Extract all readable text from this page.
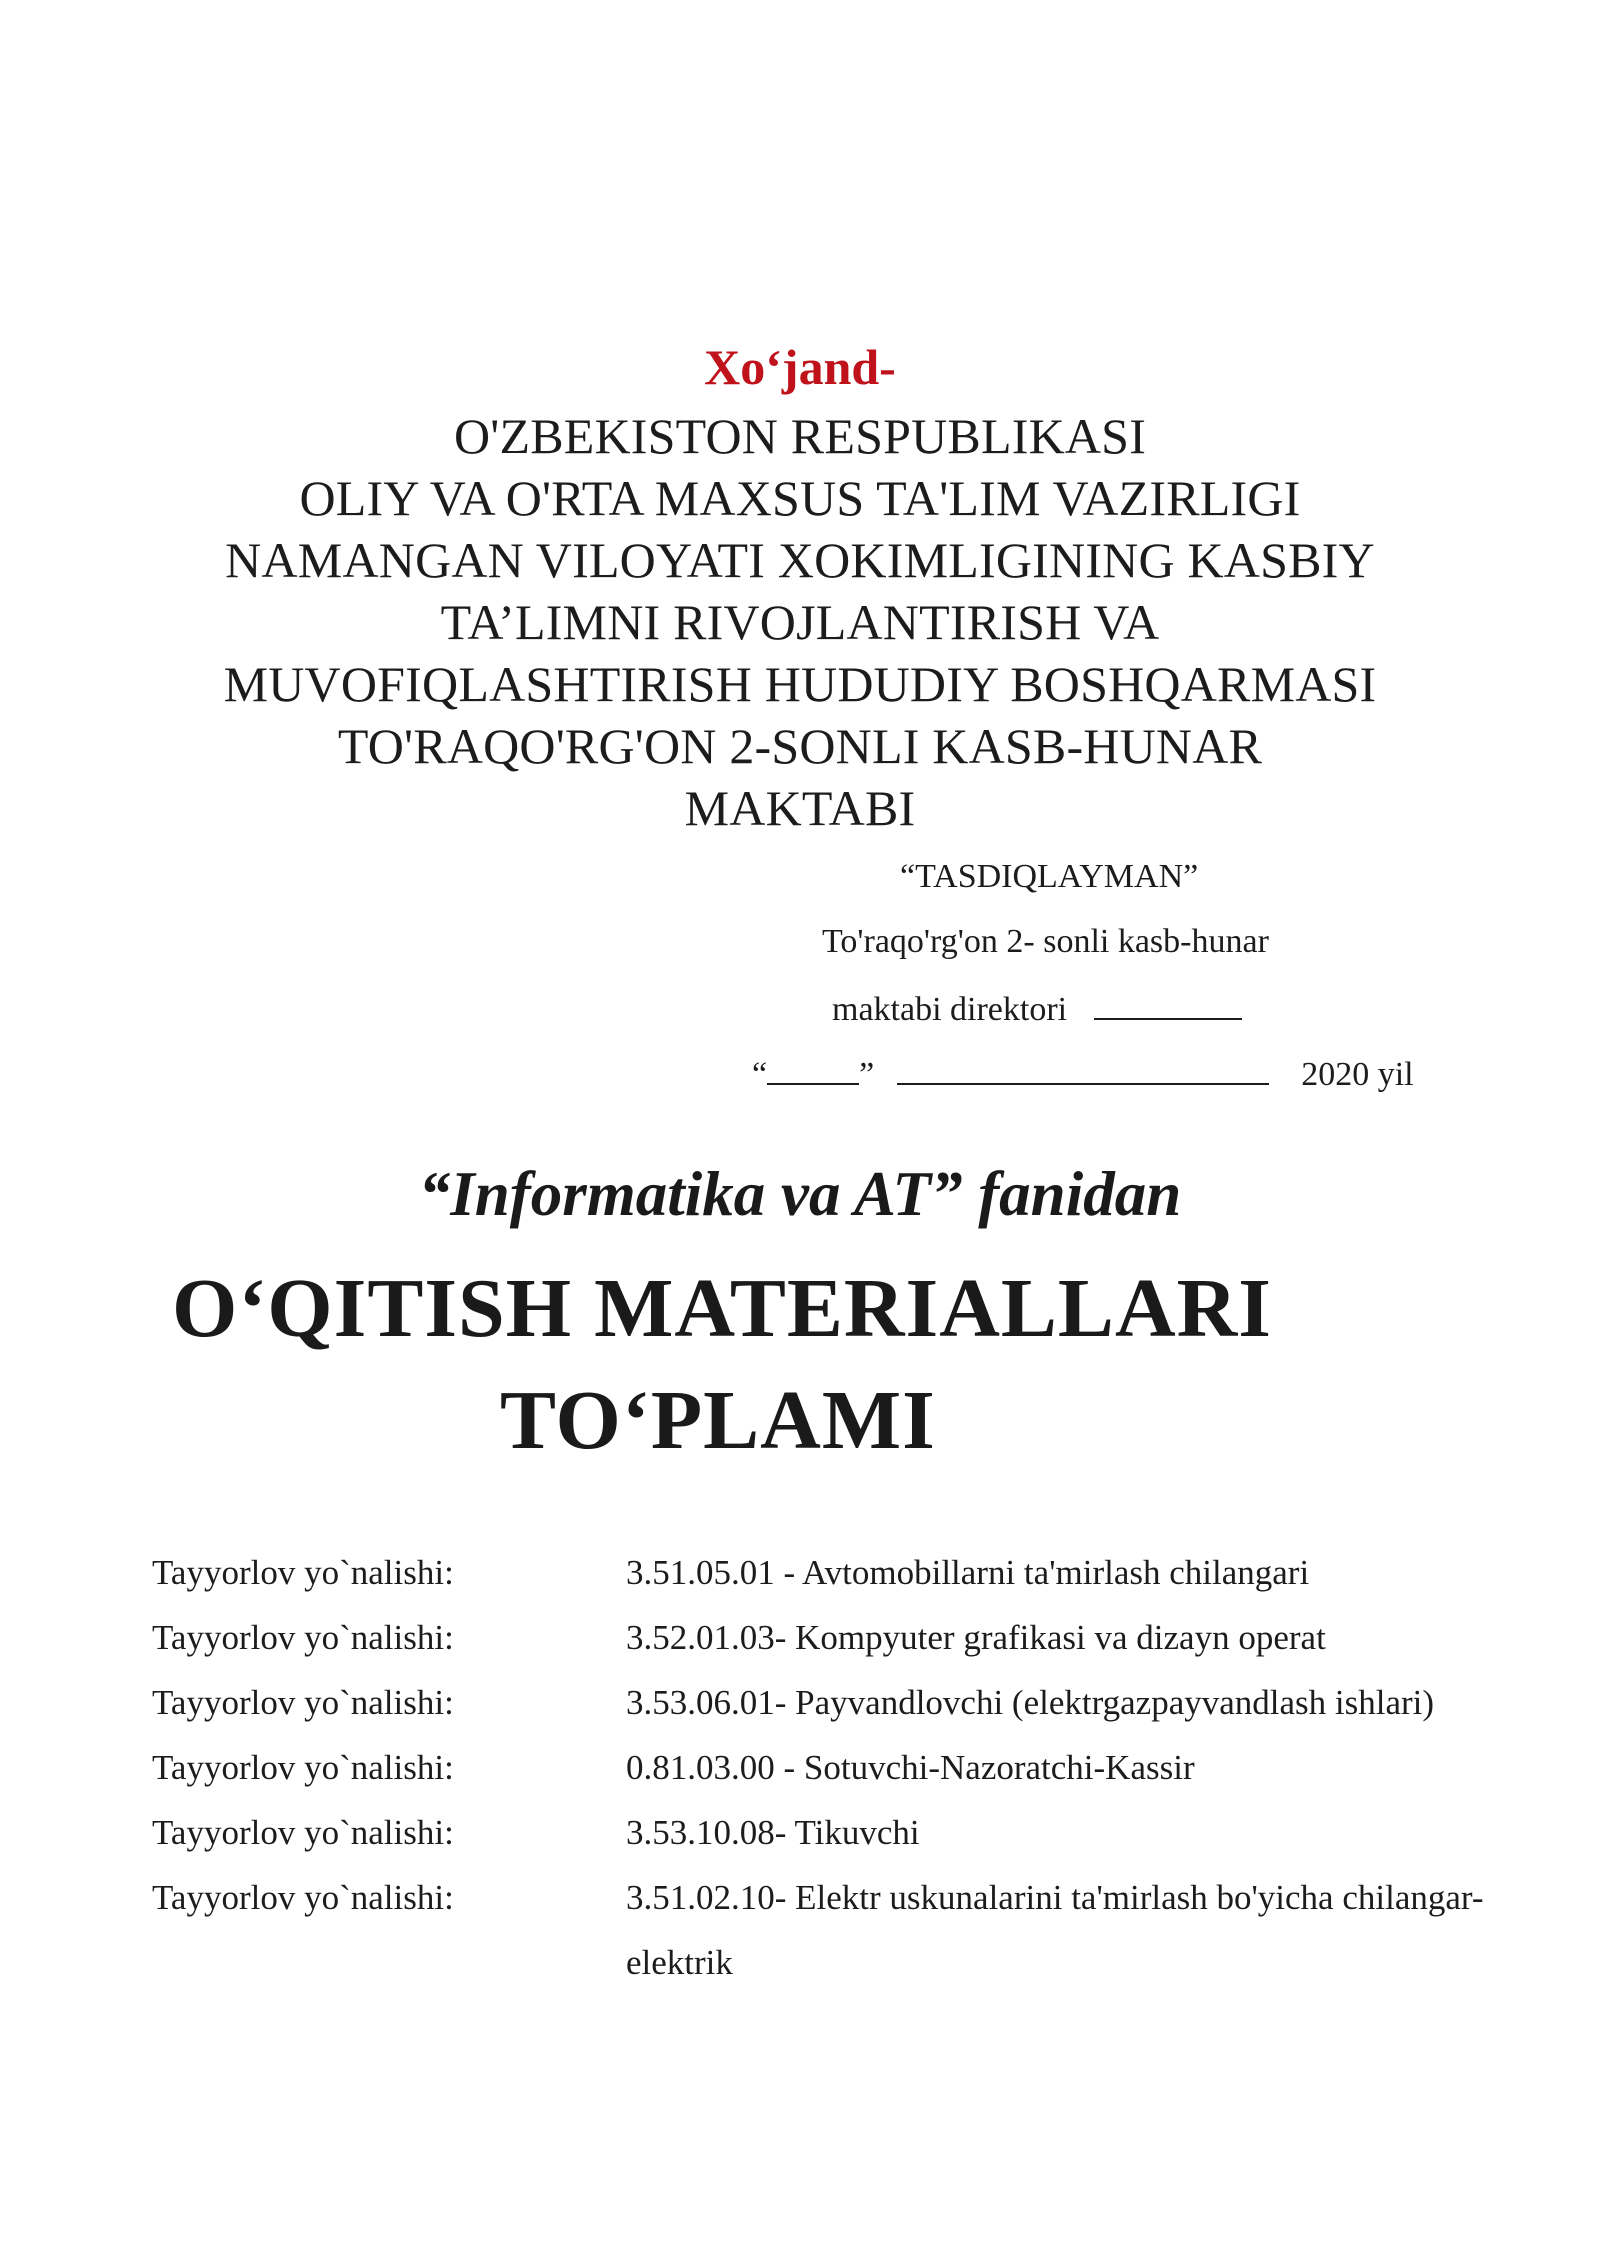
Xo‘jand-
O'ZBEKISTON RESPUBLIKASI
OLIY VA O'RTA MAXSUS TA'LIM VAZIRLIGI
NAMANGAN VILOYATI XOKIMLIGINING KASBIY
TA’LIMNI RIVOJLANTIRISH VA
MUVOFIQLASHTIRISH HUDUDIY BOSHQARMASI
TO'RAQO'RG'ON 2-SONLI KASB-HUNAR
MAKTABI
“TASDIQLAYMAN”
To'raqo'rg'on 2- sonli kasb-hunar
maktabi direktori
“	”	2020 yil
“Informatika va AT” fanidan
O‘QITISH MATERIALLARI
TO‘PLAMI
Tayyorlov yo`nalishi:	3.51.05.01 - Avtomobillarni ta'mirlash chilangari
Tayyorlov yo`nalishi:	3.52.01.03- Kompyuter grafikasi va dizayn operat
Tayyorlov yo`nalishi:	3.53.06.01- Payvandlovchi (elektrgazpayvandlash ishlari)
Tayyorlov yo`nalishi:	0.81.03.00 - Sotuvchi-Nazoratchi-Kassir
Tayyorlov yo`nalishi:	3.53.10.08- Tikuvchi
Tayyorlov yo`nalishi:	3.51.02.10- Elektr uskunalarini ta'mirlash bo'yicha chilangar-elektrik
